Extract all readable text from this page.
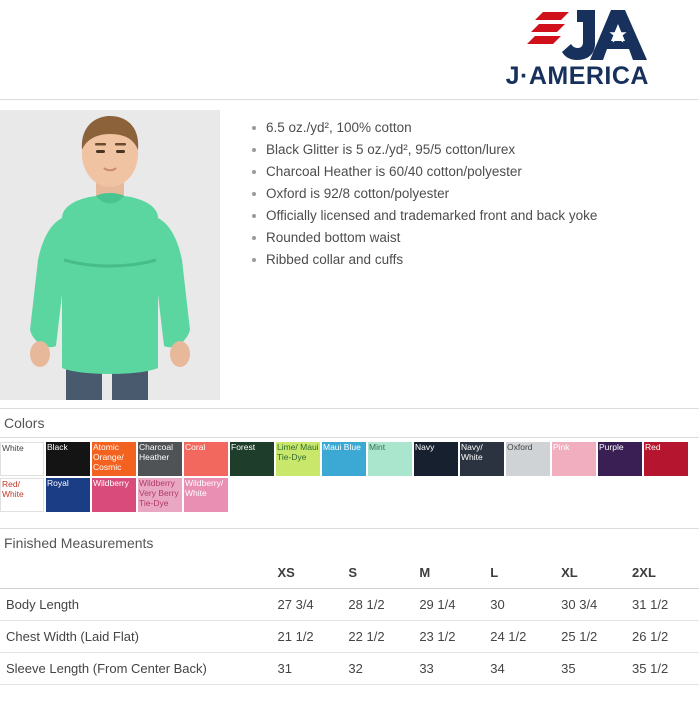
J·AMERICA
6.5 oz./yd², 100% cotton
Black Glitter is 5 oz./yd², 95/5 cotton/lurex
Charcoal Heather is 60/40 cotton/polyester
Oxford is 92/8 cotton/polyester
Officially licensed and trademarked front and back yoke
Rounded bottom waist
Ribbed collar and cuffs
Colors
White	Black	Atomic Orange/ Cosmic
Charcoal Heather
Coral	Forest	Lime/ Maui Tie-Dye
Maui Blue Mint	Navy	Navy/ White
Oxford	Pink	Purple	Red
Red/ White
Royal	Wildberry	Wildberry Very Berry Tie-Dye
Wildberry/ White
Finished Measurements
	XS	S	M	L	XL	2XL
Body Length	27 3/4	28 1/2	29 1/4	30	30 3/4	31 1/2
Chest Width (Laid Flat)	21 1/2	22 1/2	23 1/2	24 1/2	25 1/2	26 1/2
Sleeve Length (From Center Back)	31	32	33	34	35	35 1/2
